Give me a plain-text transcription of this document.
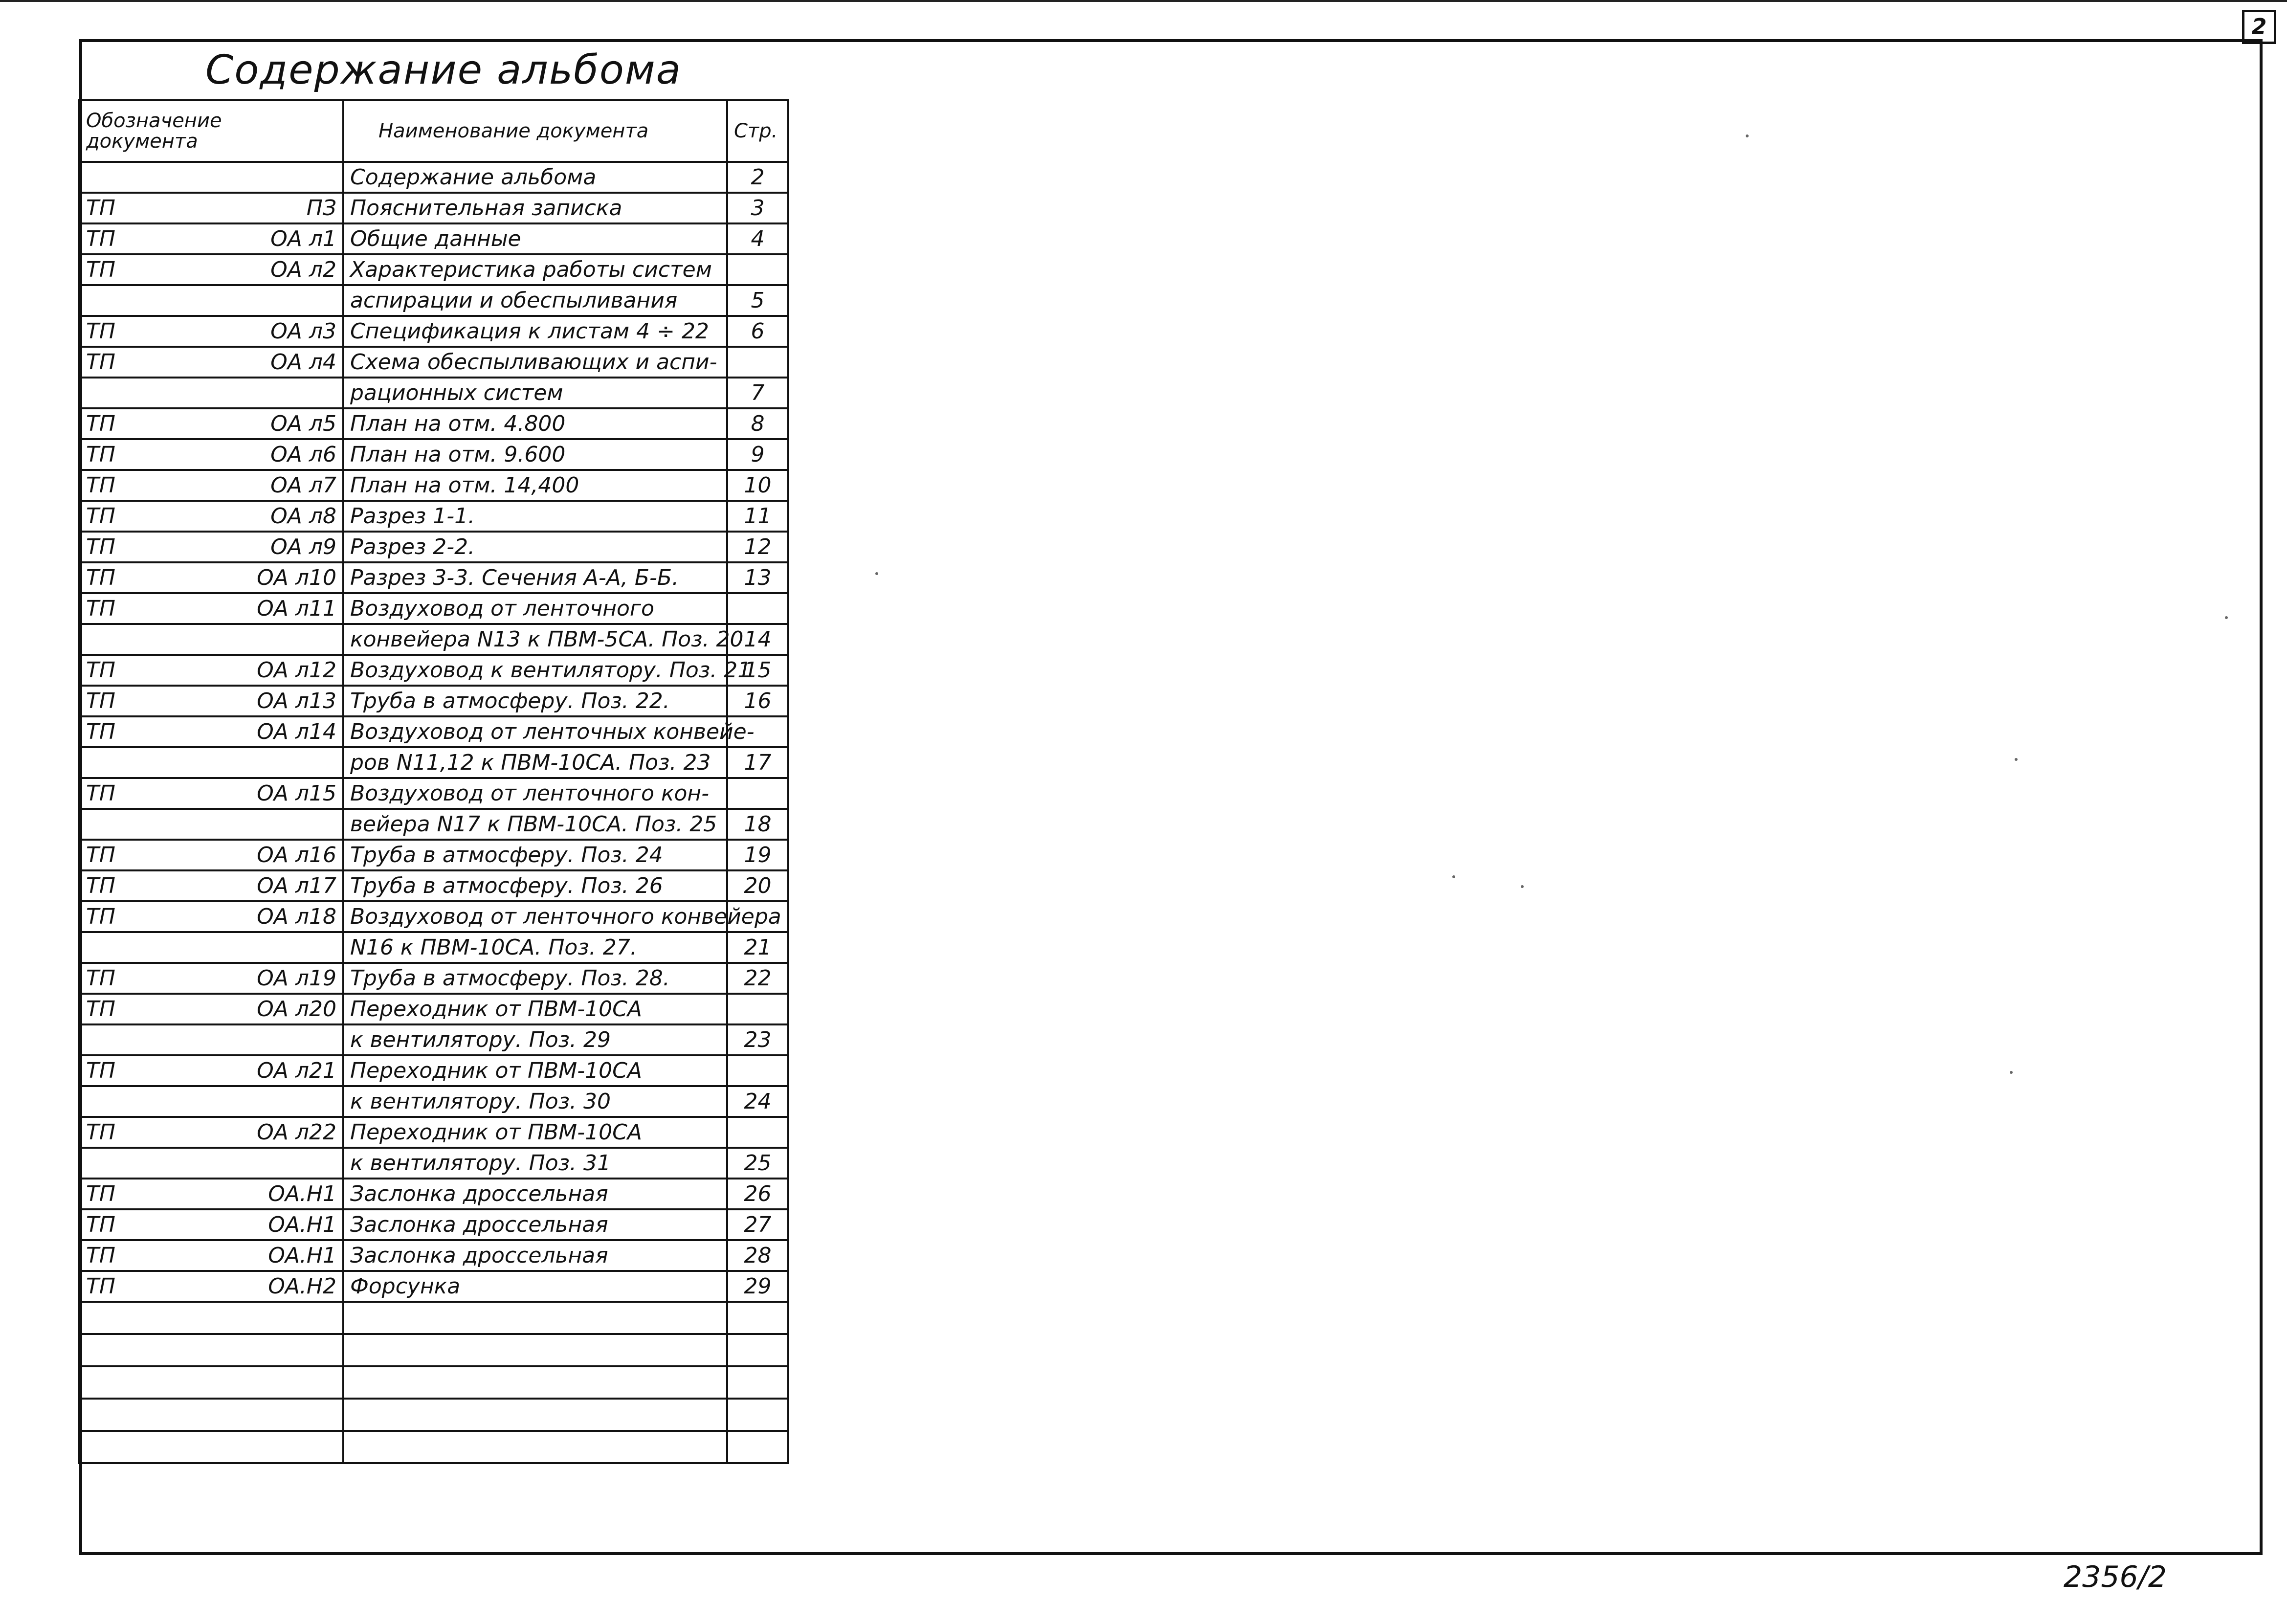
2
Содержание альбома
Обозначение документа	Наименование документа	Стр.

	Содержание альбома	2

ТП ПЗ	Пояснительная записка	3

ТП ОА л1	Общие данные	4

ТП ОА л2	Характеристика работы систем	

	аспирации и обеспыливания	5

ТП ОА л3	Спецификация к листам 4 ÷ 22	6

ТП ОА л4	Схема обеспыливающих и аспи-	

	рационных систем	7

ТП ОА л5	План на отм. 4.800	8

ТП ОА л6	План на отм. 9.600	9

ТП ОА л7	План на отм. 14,400	10

ТП ОА л8	Разрез 1-1.	11

ТП ОА л9	Разрез 2-2.	12

ТП ОА л10	Разрез 3-3. Сечения А-А, Б-Б.	13

ТП ОА л11	Воздуховод от ленточного	

	конвейера N13 к ПВМ-5СА. Поз. 20	14

ТП ОА л12	Воздуховод к вентилятору. Поз. 21	15

ТП ОА л13	Труба в атмосферу. Поз. 22.	16

ТП ОА л14	Воздуховод от ленточных конвейе-	

	ров N11,12 к ПВМ-10СА. Поз. 23	17

ТП ОА л15	Воздуховод от ленточного кон-	

	вейера N17 к ПВМ-10СА. Поз. 25	18

ТП ОА л16	Труба в атмосферу. Поз. 24	19

ТП ОА л17	Труба в атмосферу. Поз. 26	20

ТП ОА л18	Воздуховод от ленточного конвейера	

	N16 к ПВМ-10СА. Поз. 27.	21

ТП ОА л19	Труба в атмосферу. Поз. 28.	22

ТП ОА л20	Переходник от ПВМ-10СА	

	к вентилятору. Поз. 29	23

ТП ОА л21	Переходник от ПВМ-10СА	

	к вентилятору. Поз. 30	24

ТП ОА л22	Переходник от ПВМ-10СА	

	к вентилятору. Поз. 31	25

ТП ОА.Н1	Заслонка дроссельная	26

ТП ОА.Н1	Заслонка дроссельная	27

ТП ОА.Н1	Заслонка дроссельная	28

ТП ОА.Н2	Форсунка	29

2356/2
